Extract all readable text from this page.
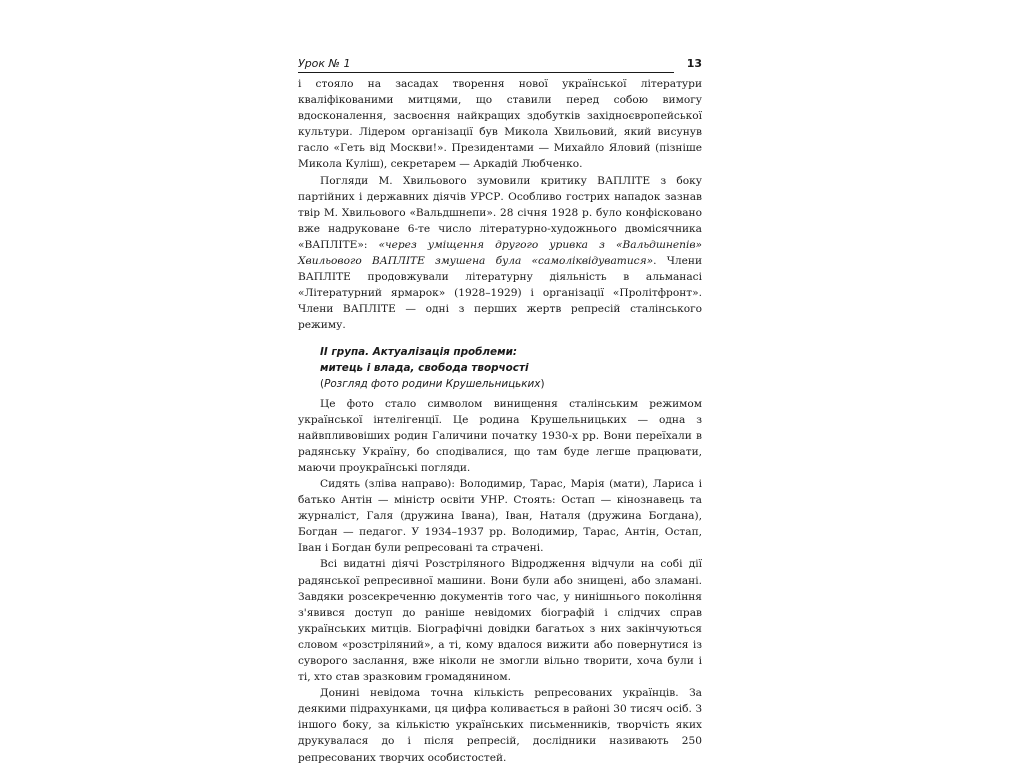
Урок № 1	13

і стояло на засадах творення нової української літератури кваліфікованими митцями, що ставили перед собою вимогу вдосконалення, засвоєння найкращих здобутків західноєвропейської культури. Лідером організації був Микола Хвильовий, який висунув гасло «Геть від Москви!». Президентами — Михайло Яловий (пізніше Микола Куліш), секретарем — Аркадій Любченко.

Погляди М. Хвильового зумовили критику ВАПЛІТЕ з боку партійних і державних діячів УРСР. Особливо гострих нападок зазнав твір М. Хвильового «Вальдшнепи». 28 січня 1928 р. було конфісковано вже надруковане 6-те число літературно-художнього двомісячника «ВАПЛІТЕ»: «через уміщення другого уривка з «Вальдшнепів» Хвильового ВАПЛІТЕ змушена була «самоліквідуватися». Члени ВАПЛІТЕ продовжували літературну діяльність в альманасі «Літературний ярмарок» (1928–1929) і організації «Пролітфронт». Члени ВАПЛІТЕ — одні з перших жертв репресій сталінського режиму.

ІІ група. Актуалізація проблеми:

митець і влада, свобода творчості

(Розгляд фото родини Крушельницьких)

Це фото стало символом винищення сталінським режимом української інтелігенції. Це родина Крушельницьких — одна з найвпливовіших родин Галичини початку 1930-х рр. Вони переїхали в радянську Україну, бо сподівалися, що там буде легше працювати, маючи проукраїнські погляди.

Сидять (зліва направо): Володимир, Тарас, Марія (мати), Лариса і батько Антін — міністр освіти УНР. Стоять: Остап — кінознавець та журналіст, Галя (дружина Івана), Іван, Наталя (дружина Богдана), Богдан — педагог. У 1934–1937 рр. Володимир, Тарас, Антін, Остап, Іван і Богдан були репресовані та страчені.

Всі видатні діячі Розстріляного Відродження відчули на собі дії радянської репресивної машини. Вони були або знищені, або зламані. Завдяки розсекреченню документів того час, у нинішнього покоління з'явився доступ до раніше невідомих біографій і слідчих справ українських митців. Біографічні довідки багатьох з них закінчуються словом «розстріляний», а ті, кому вдалося вижити або повернутися із суворого заслання, вже ніколи не змогли вільно творити, хоча були і ті, хто став зразковим громадянином.

Донині невідома точна кількість репресованих українців. За деякими підрахунками, ця цифра коливається в районі 30 тисяч осіб. З іншого боку, за кількістю українських письменників, творчість яких друкувалася до і після репресій, дослідники називають 250 репресованих творчих особистостей.
